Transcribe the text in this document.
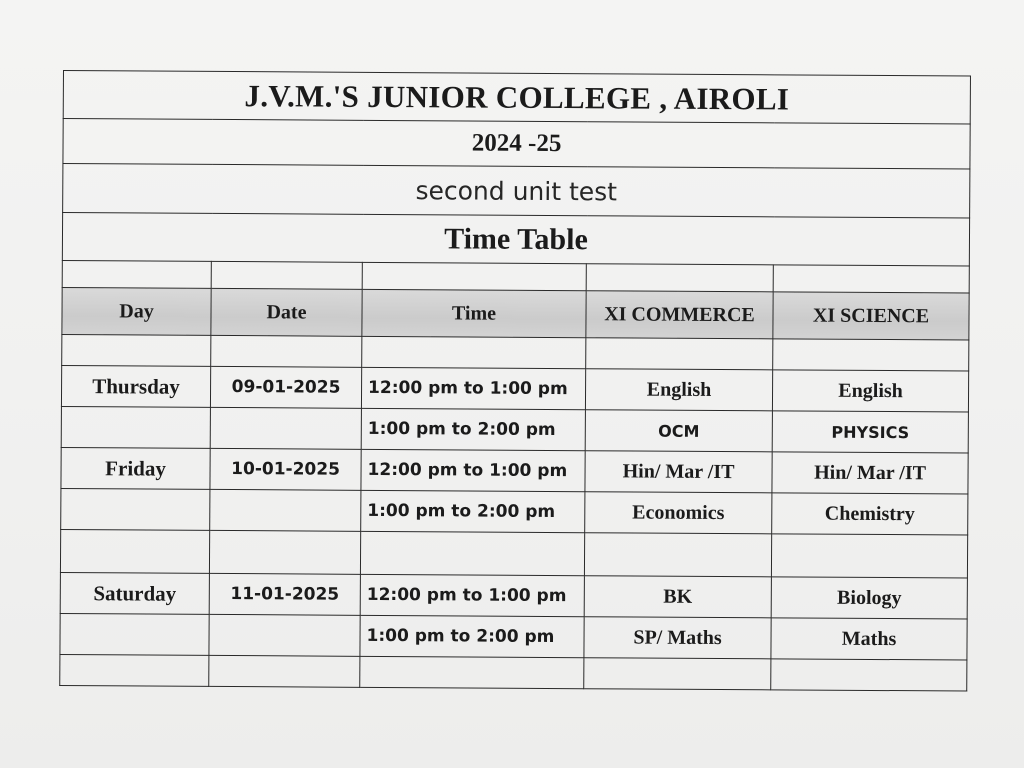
J.V.M.'S JUNIOR COLLEGE , AIROLI				
2024 -25				
second unit test				
Time Table				

Day	Date	Time	XI COMMERCE	XI SCIENCE

Thursday	09-01-2025	12:00 pm to 1:00 pm	English	English
		1:00 pm to 2:00 pm	OCM	PHYSICS
Friday	10-01-2025	12:00 pm to 1:00 pm	Hin/ Mar /IT	Hin/ Mar /IT
		1:00 pm to 2:00 pm	Economics	Chemistry

Saturday	11-01-2025	12:00 pm to 1:00 pm	BK	Biology
		1:00 pm to 2:00 pm	SP/ Maths	Maths
